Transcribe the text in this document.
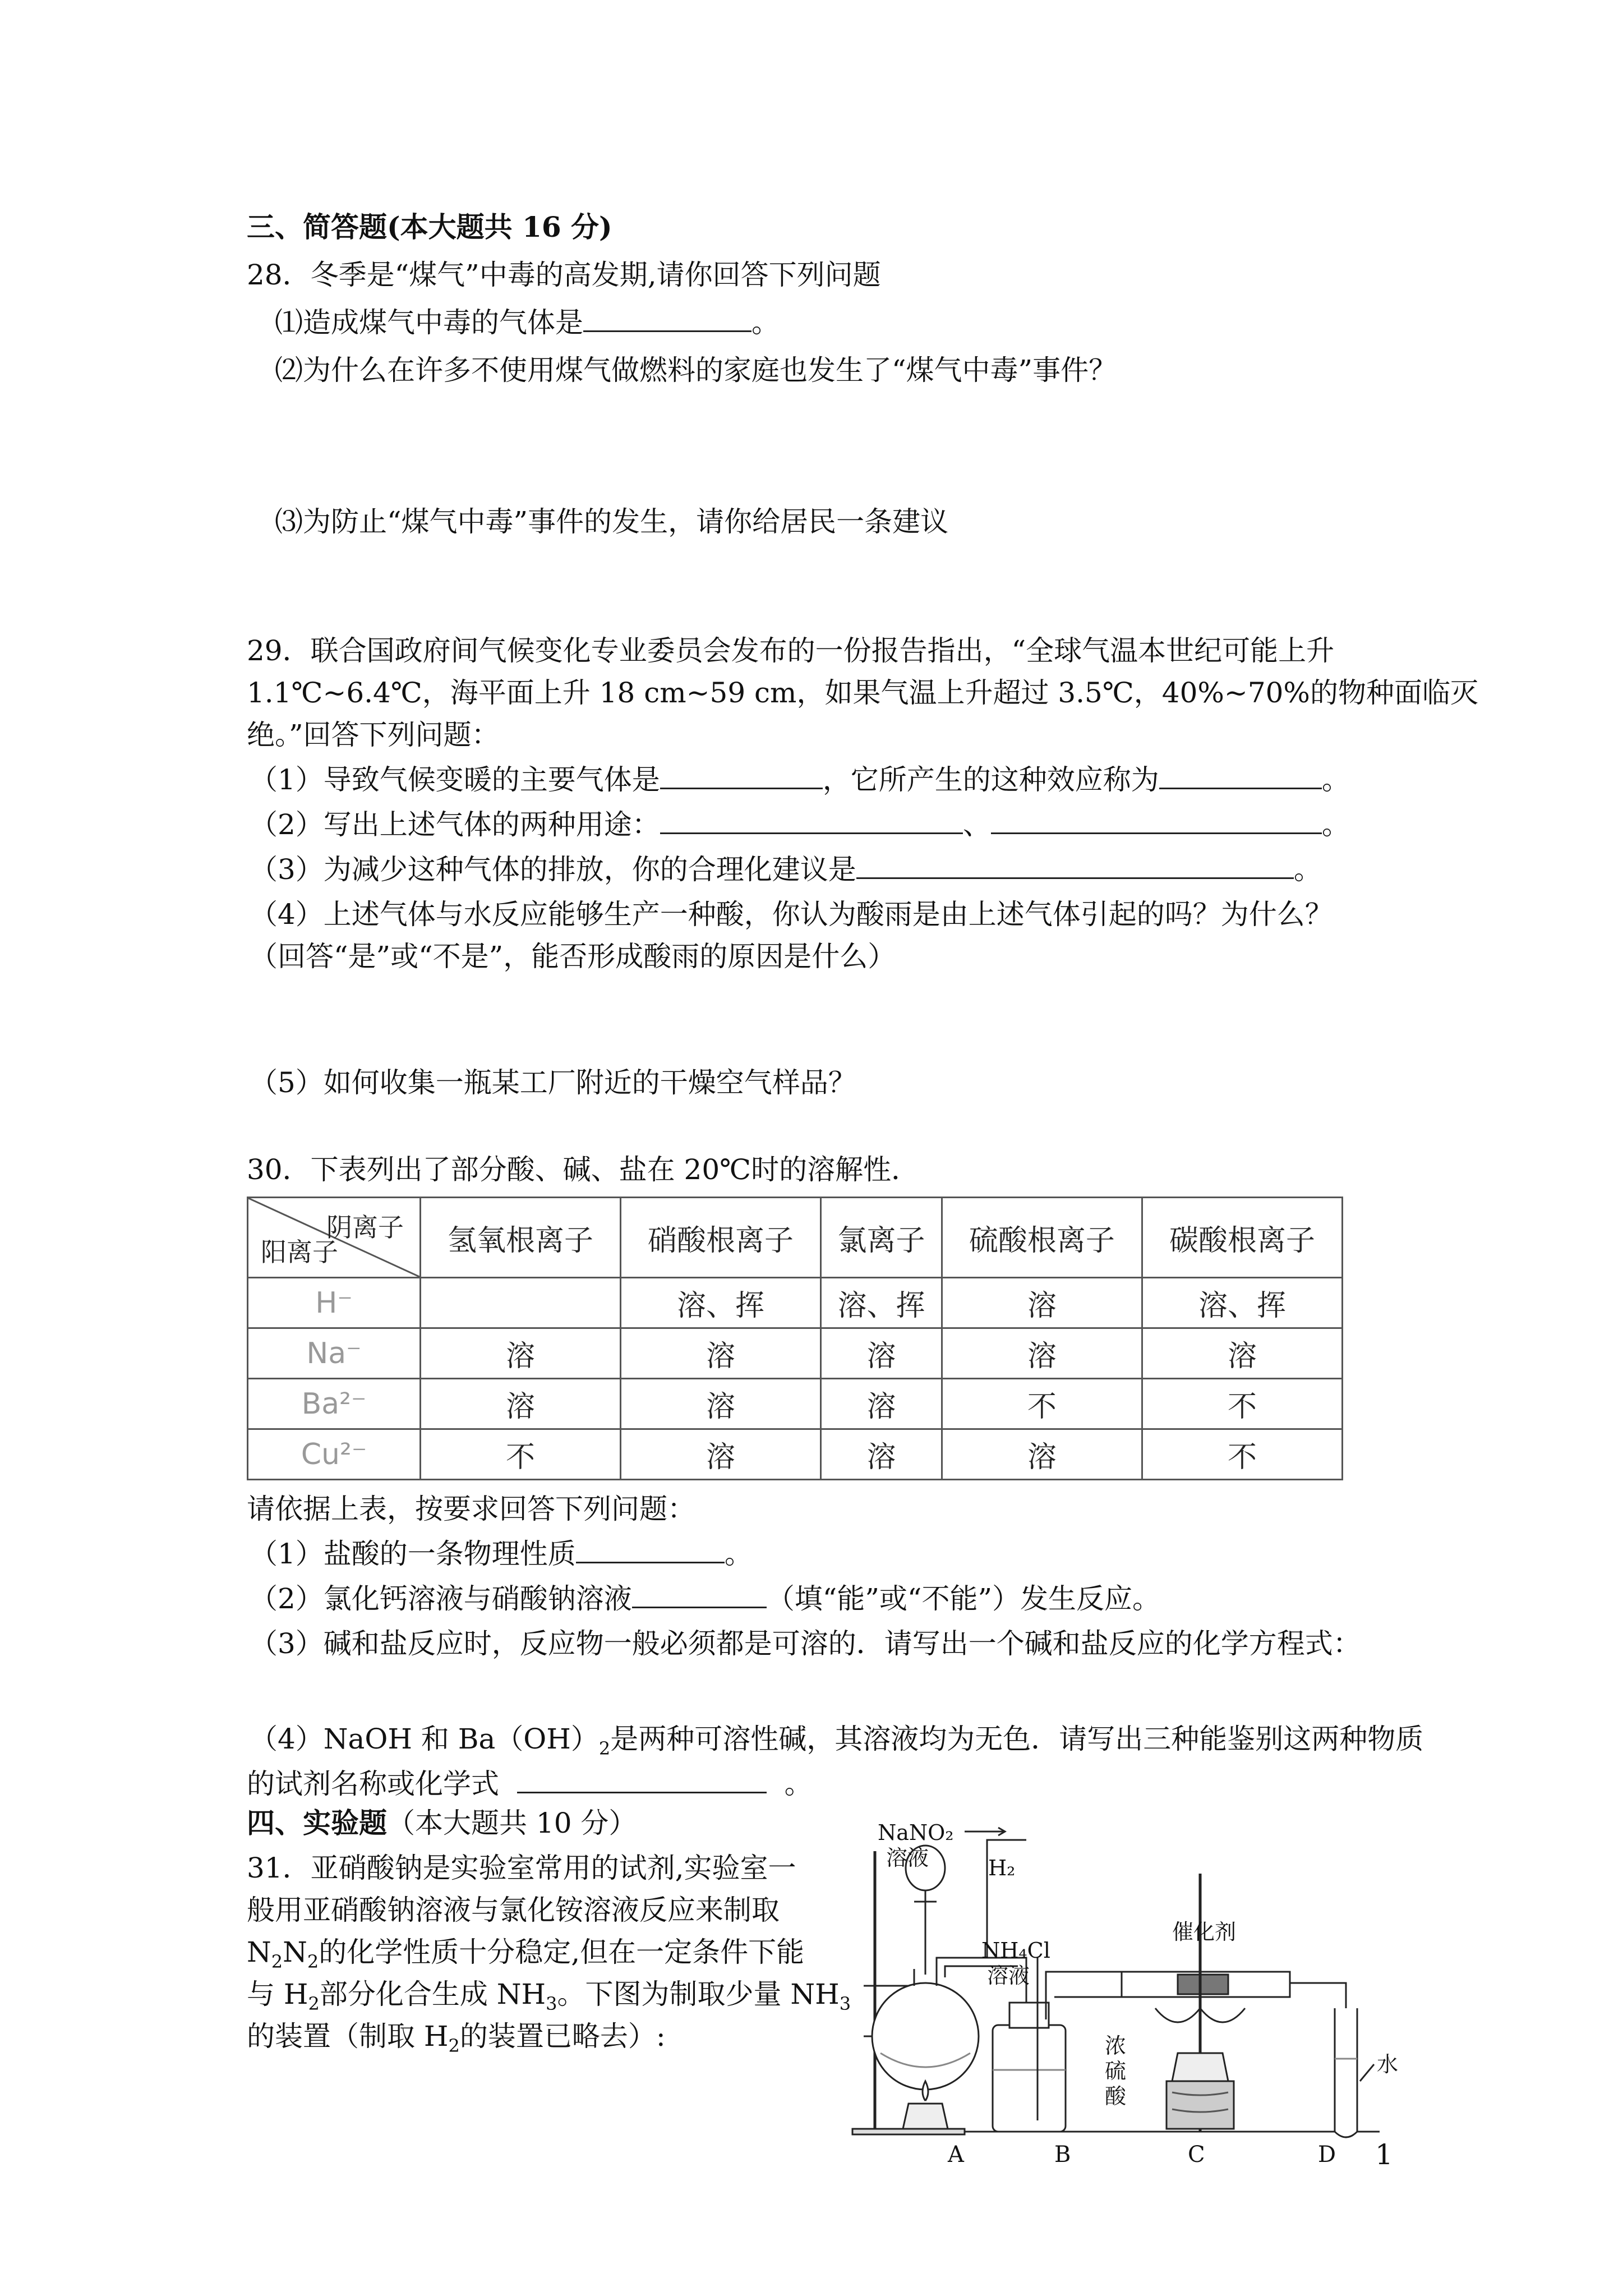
三、简答题(本大题共 16 分)
28．冬季是“煤气”中毒的高发期,请你回答下列问题
⑴造成煤气中毒的气体是	。
⑵为什么在许多不使用煤气做燃料的家庭也发生了“煤气中毒”事件？
⑶为防止“煤气中毒”事件的发生，请你给居民一条建议
29．联合国政府间气候变化专业委员会发布的一份报告指出，“全球气温本世纪可能上升
1.1℃~6.4℃，海平面上升 18 cm~59 cm，如果气温上升超过 3.5℃，40%~70%的物种面临灭
绝。”回答下列问题：
（1）导致气候变暖的主要气体是	，它所产生的这种效应称为	。
（2）写出上述气体的两种用途：	、	。
（3）为减少这种气体的排放，你的合理化建议是	。
（4）上述气体与水反应能够生产一种酸，你认为酸雨是由上述气体引起的吗？为什么？
（回答“是”或“不是”，能否形成酸雨的原因是什么）
（5）如何收集一瓶某工厂附近的干燥空气样品？
30．下表列出了部分酸、碱、盐在 20℃时的溶解性．
阴离子
阳离子	氢氧根离子	硝酸根离子	氯离子	硫酸根离子	碳酸根离子
H⁻		溶、挥	溶、挥	溶	溶、挥
Na⁻	溶	溶	溶	溶	溶
Ba²⁻	溶	溶	溶	不	不
Cu²⁻	不	溶	溶	溶	不
请依据上表，按要求回答下列问题：
（1）盐酸的一条物理性质	。
（2）氯化钙溶液与硝酸钠溶液	（填“能”或“不能”）发生反应。
（3）碱和盐反应时，反应物一般必须都是可溶的．请写出一个碱和盐反应的化学方程式：
（4）NaOH 和 $Ba(OH)_2$是两种可溶性碱，其溶液均为无色．请写出三种能鉴别这两种物质
的试剂名称或化学式	。
四、实验题（本大题共 10 分）
31．亚硝酸钠是实验室常用的试剂,实验室一
般用亚硝酸钠溶液与氯化铵溶液反应来制取
$N_2N_2$的化学性质十分稳定,但在一定条件下能
与 $H_2$部分化合生成 $NH_3$。下图为制取少量 $NH_3$
的装置（制取 $H_2$的装置已略去）:
NaNO₂
溶液	H₂
NH₄Cl
溶液
催化剂
浓
硫
酸
水
A	B	C	D 1
